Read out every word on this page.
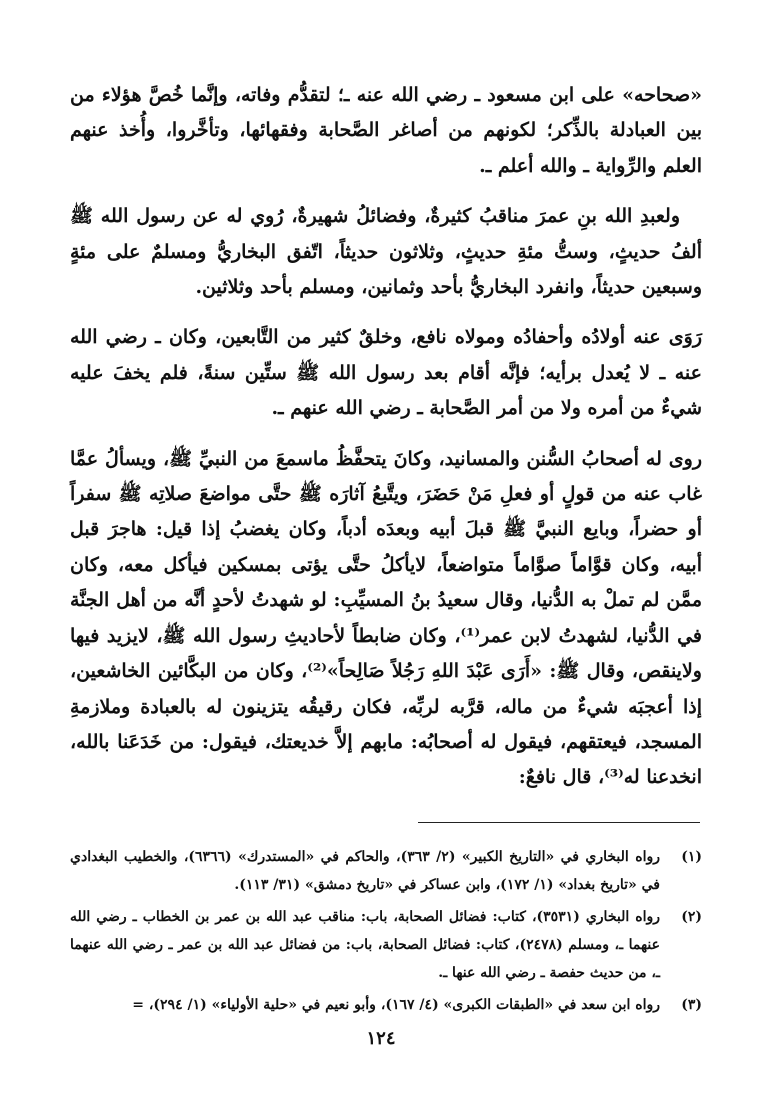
«صحاحه» على ابن مسعود ـ رضي الله عنه ـ؛ لتقدُّم وفاته، وإنَّما خُصَّ هؤلاء من بين العبادلة بالذِّكر؛ لكونهم من أصاغر الصَّحابة وفقهائها، وتأخَّروا، وأُخذ عنهم العلم والرِّواية ـ والله أعلم ـ.

ولعبدِ الله بنِ عمرَ مناقبُ كثيرةٌ، وفضائلُ شهيرةٌ، رُوي له عن رسول الله ﷺ ألفُ حديثٍ، وستُّ مئةِ حديثٍ، وثلاثون حديثاً، اتّفق البخاريُّ ومسلمٌ على مئةٍ وسبعين حديثاً، وانفرد البخاريُّ بأحد وثمانين، ومسلم بأحد وثلاثين.

رَوَى عنه أولادُه وأحفادُه ومولاه نافع، وخلقٌ كثير من التَّابعين، وكان ـ رضي الله عنه ـ لا يُعدل برأيه؛ فإنَّه أقام بعد رسول الله ﷺ ستِّين سنةً، فلم يخفَ عليه شيءٌ من أمره ولا من أمر الصَّحابة ـ رضي الله عنهم ـ.

روى له أصحابُ السُّنن والمسانيد، وكانَ يتحفَّظُ ماسمعَ من النبيِّ ﷺ، ويسألُ عمَّا غاب عنه من قولٍ أو فعلِ مَنْ حَضَرَ، ويتَّبعُ آثارَه ﷺ حتَّى مواضعَ صلاتِه ﷺ سفراً أو حضراً، وبايع النبيَّ ﷺ قبلَ أبيه وبعدَه أدباً، وكان يغضبُ إذا قيل: هاجرَ قبل أبيه، وكان قوَّاماً صوَّاماً متواضعاً، لايأكلُ حتَّى يؤتى بمسكين فيأكل معه، وكان ممَّن لم تملْ به الدُّنيا، وقال سعيدُ بنُ المسيِّبِ: لو شهدتُ لأحدٍ أنَّه من أهل الجنَّة في الدُّنيا، لشهدتُ لابن عمر⁽¹⁾، وكان ضابطاً لأحاديثِ رسول الله ﷺ، لايزيد فيها ولاينقص، وقال ﷺ: «أَرَى عَبْدَ اللهِ رَجُلاً صَالِحاً»⁽²⁾، وكان من البكَّائين الخاشعين، إذا أعجبَه شيءٌ من ماله، قرَّبه لربِّه، فكان رقيقُه يتزينون له بالعبادة وملازمةِ المسجد، فيعتقهم، فيقول له أصحابُه: مابهم إلاَّ خديعتك، فيقول: من خَدَعَنا بالله، انخدعنا له⁽³⁾، قال نافعٌ:

(١)
رواه البخاري في «التاريخ الكبير» (٢/ ٣٦٣)، والحاكم في «المستدرك» (٦٣٦٦)، والخطيب البغدادي في «تاريخ بغداد» (١/ ١٧٢)، وابن عساكر في «تاريخ دمشق» (٣١/ ١١٣).
(٢)
رواه البخاري (٣٥٣١)، كتاب: فضائل الصحابة، باب: مناقب عبد الله بن عمر بن الخطاب ـ رضي الله عنهما ـ، ومسلم (٢٤٧٨)، كتاب: فضائل الصحابة، باب: من فضائل عبد الله بن عمر ـ رضي الله عنهما ـ، من حديث حفصة ـ رضي الله عنها ـ.
(٣)
رواه ابن سعد في «الطبقات الكبرى» (٤/ ١٦٧)، وأبو نعيم في «حلية الأولياء» (١/ ٢٩٤)، =
١٢٤
